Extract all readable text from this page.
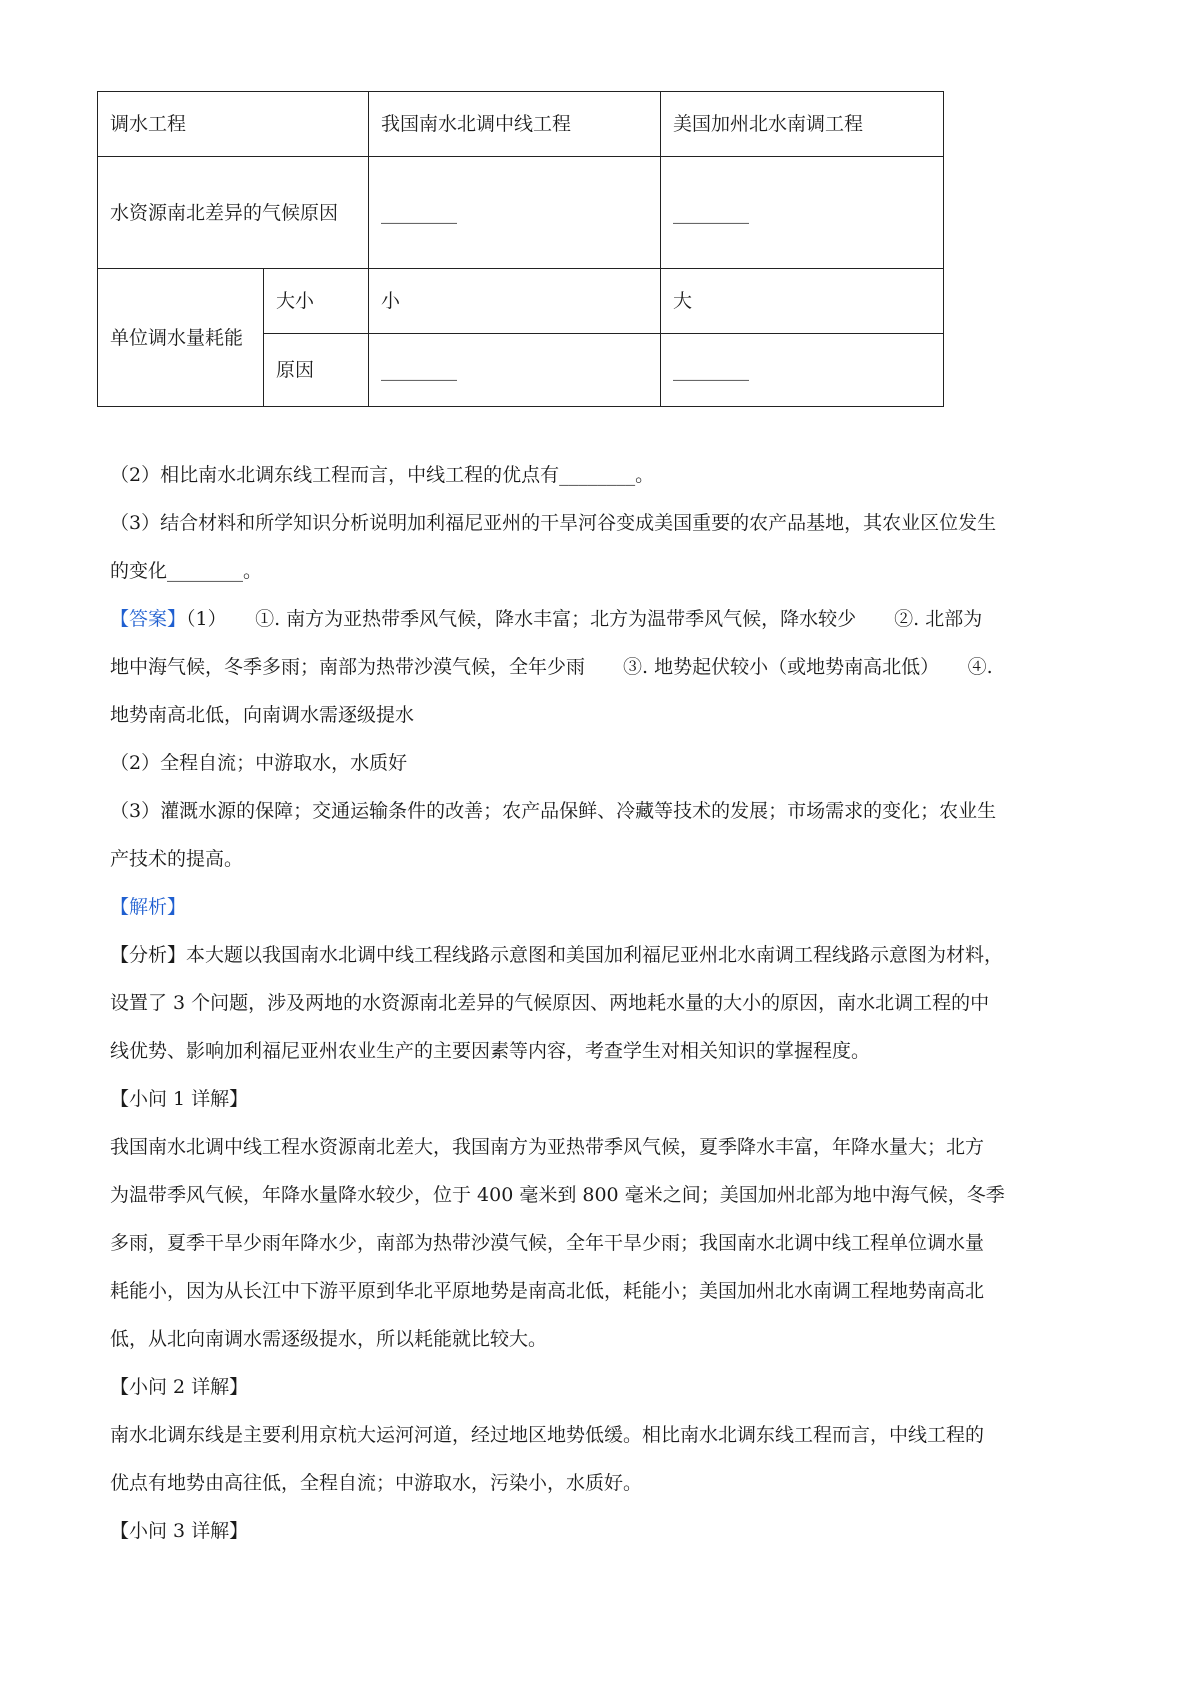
调水工程		我国南水北调中线工程	美国加州北水南调工程
水资源南北差异的气候原因		________	________
单位调水量耗能	大小	小	大
	原因	________	________

（2）相比南水北调东线工程而言，中线工程的优点有________。

（3）结合材料和所学知识分析说明加利福尼亚州的干旱河谷变成美国重要的农产品基地，其农业区位发生

的变化________。

【答案】（1）　　①. 南方为亚热带季风气候，降水丰富；北方为温带季风气候，降水较少　　②. 北部为

地中海气候，冬季多雨；南部为热带沙漠气候，全年少雨　　③. 地势起伏较小（或地势南高北低）　　④.

地势南高北低，向南调水需逐级提水

（2）全程自流；中游取水，水质好

（3）灌溉水源的保障；交通运输条件的改善；农产品保鲜、冷藏等技术的发展；市场需求的变化；农业生

产技术的提高。

【解析】

【分析】本大题以我国南水北调中线工程线路示意图和美国加利福尼亚州北水南调工程线路示意图为材料，

设置了 3 个问题，涉及两地的水资源南北差异的气候原因、两地耗水量的大小的原因，南水北调工程的中

线优势、影响加利福尼亚州农业生产的主要因素等内容，考查学生对相关知识的掌握程度。

【小问 1 详解】

我国南水北调中线工程水资源南北差大，我国南方为亚热带季风气候，夏季降水丰富，年降水量大；北方

为温带季风气候，年降水量降水较少，位于 400 毫米到 800 毫米之间；美国加州北部为地中海气候，冬季

多雨，夏季干旱少雨年降水少，南部为热带沙漠气候，全年干旱少雨；我国南水北调中线工程单位调水量

耗能小，因为从长江中下游平原到华北平原地势是南高北低，耗能小；美国加州北水南调工程地势南高北

低，从北向南调水需逐级提水，所以耗能就比较大。

【小问 2 详解】

南水北调东线是主要利用京杭大运河河道，经过地区地势低缓。相比南水北调东线工程而言，中线工程的

优点有地势由高往低，全程自流；中游取水，污染小，水质好。

【小问 3 详解】
